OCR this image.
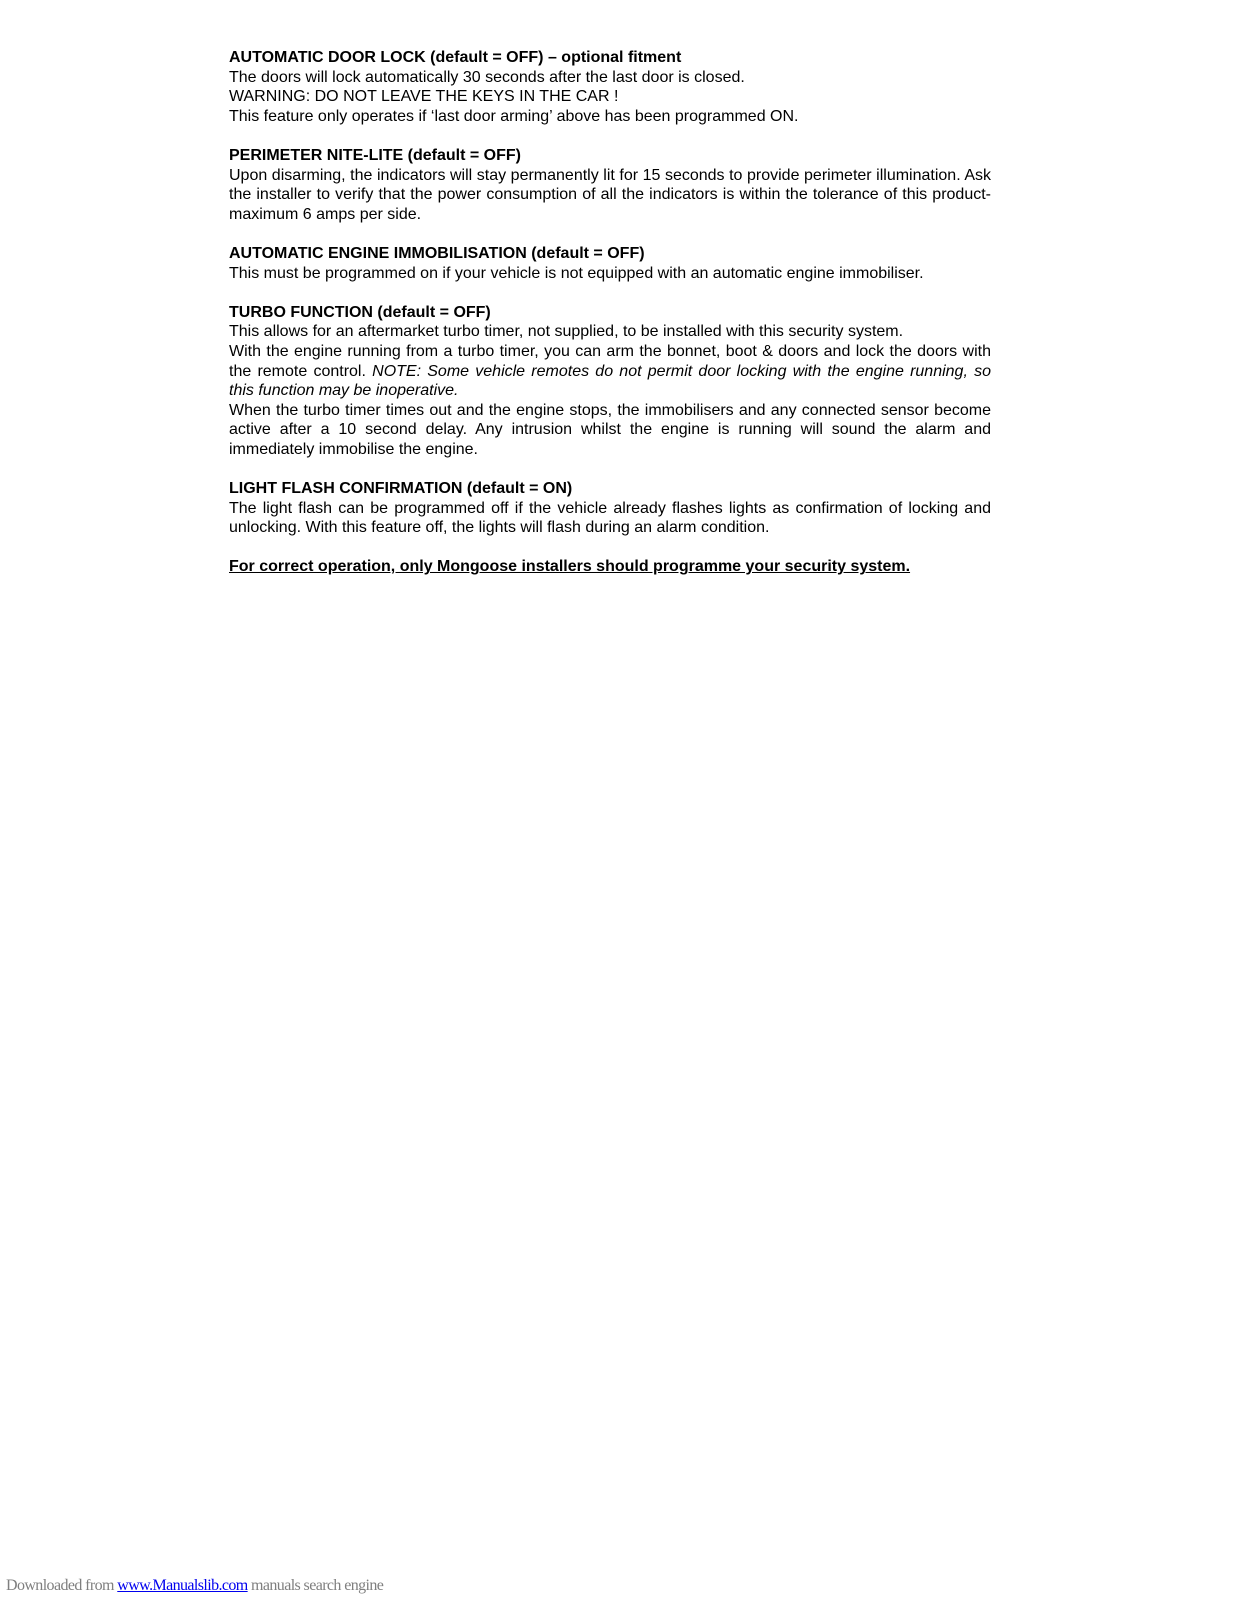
AUTOMATIC DOOR LOCK (default = OFF) – optional fitment
The doors will lock automatically 30 seconds after the last door is closed.
WARNING: DO NOT LEAVE THE KEYS IN THE CAR !
This feature only operates if ‘last door arming’ above has been programmed ON.
PERIMETER NITE-LITE (default = OFF)
Upon disarming, the indicators will stay permanently lit for 15 seconds to provide perimeter illumination. Ask the installer to verify that the power consumption of all the indicators is within the tolerance of this product- maximum 6 amps per side.
AUTOMATIC ENGINE IMMOBILISATION (default = OFF)
This must be programmed on if your vehicle is not equipped with an automatic engine immobiliser.
TURBO FUNCTION (default = OFF)
This allows for an aftermarket turbo timer, not supplied, to be installed with this security system.
With the engine running from a turbo timer, you can arm the bonnet, boot & doors and lock the doors with the remote control. NOTE: Some vehicle remotes do not permit door locking with the engine running, so this function may be inoperative.
When the turbo timer times out and the engine stops, the immobilisers and any connected sensor become active after a 10 second delay. Any intrusion whilst the engine is running will sound the alarm and immediately immobilise the engine.
LIGHT FLASH CONFIRMATION (default = ON)
The light flash can be programmed off if the vehicle already flashes lights as confirmation of locking and unlocking. With this feature off, the lights will flash during an alarm condition.
For correct operation, only Mongoose installers should programme your security system.
Downloaded from www.Manualslib.com manuals search engine
